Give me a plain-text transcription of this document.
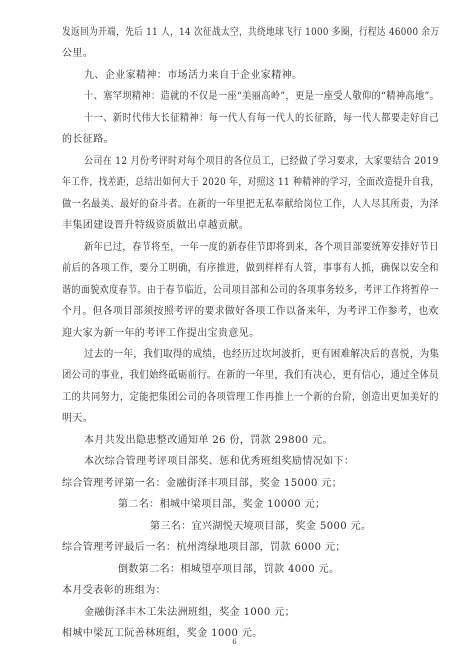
发返回为开端，先后 11 人，14 次征战太空，共绕地球飞行 1000 多圈，行程达 46000 余万
公里。
九、企业家精神：市场活力来自于企业家精神。
十、塞罕坝精神：造就的不仅是一座“美丽高岭”，更是一座受人敬仰的“精神高地”。
十一、新时代伟大长征精神：每一代人有每一代人的长征路，每一代人都要走好自己
的长征路。
公司在 12 月份考评时对每个项目的各位员工，已经做了学习要求，大家要结合 2019
年工作，找差距，总结出如何大于 2020 年，对照这 11 种精神的学习，全面改造提升自我，
做一名最美、最好的奋斗者。在新的一年里把无私奉献给岗位工作，人人尽其所责，为泽
丰集团建设晋升特级资质做出卓越贡献。
新年已过，春节将至，一年一度的新春佳节即将到来，各个项目部要统筹安排好节日
前后的各项工作，要分工明确，有序推进，做到样样有人管，事事有人抓，确保以安全和
谐的面貌欢度春节。由于春节临近，公司项目部和公司的各项事务较多，考评工作将暂停一
个月。但各项目部须按照考评的要求做好各项工作以备来年，为考评工作参考，也欢
迎大家为新一年的考评工作提出宝贵意见。
过去的一年，我们取得的成绩，也经历过坎坷波折，更有困难解决后的喜悦，为集
团公司的事业，我们始终砥砺前行。在新的一年里，我们有决心，更有信心，通过全体员
工的共同努力，定能把集团公司的各项管理工作再推上一个新的台阶，创造出更加美好的
明天。
本月共发出隐患整改通知单 26 份，罚款 29800 元。
本次综合管理考评项目部奖、惩和优秀班组奖励情况如下：
综合管理考评第一名：金融街泽丰项目部，奖金 15000 元；
第二名：相城中梁项目部，奖金 10000 元；
第三名：宜兴湖悦天境项目部，奖金 5000 元。
综合管理考评最后一名：杭州湾绿地项目部，罚款 6000 元；
倒数第二名：相城望亭项目部，罚款 4000 元。
本月受表彰的班组为：
金融街泽丰木工朱法洲班组，奖金 1000 元；
相城中梁瓦工阮善林班组，奖金 1000 元。
6
